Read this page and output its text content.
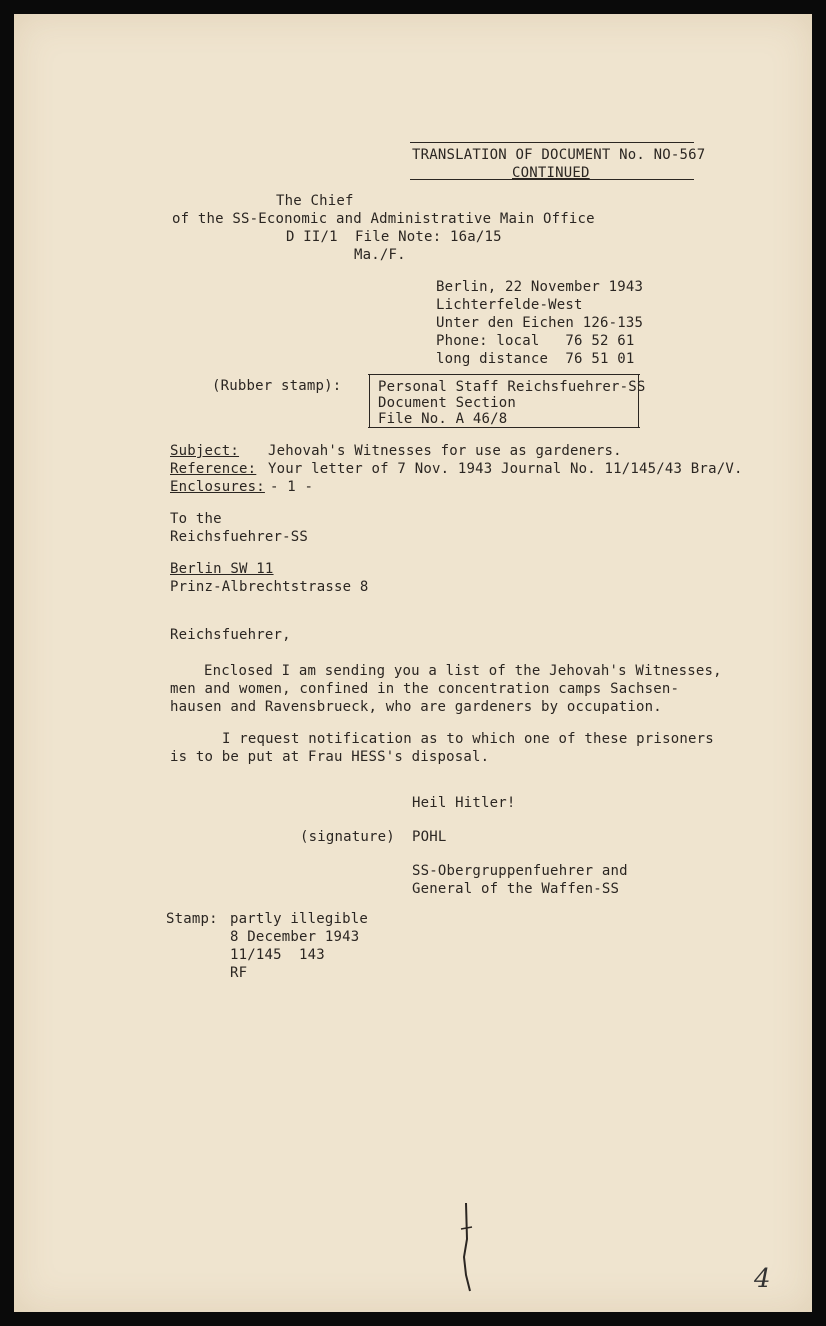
TRANSLATION OF DOCUMENT No. NO-567
CONTINUED
The Chief
of the SS-Economic and Administrative Main Office
D II/1  File Note: 16a/15
Ma./F.
Berlin, 22 November 1943
Lichterfelde-West
Unter den Eichen 126-135
Phone: local   76 52 61
long distance  76 51 01
(Rubber stamp):	Personal Staff Reichsfuehrer-SS
Document Section
File No. A 46/8
Subject: Jehovah's Witnesses for use as gardeners.
Reference: Your letter of 7 Nov. 1943 Journal No. 11/145/43 Bra/V.
Enclosures: - 1 -
To the
Reichsfuehrer-SS
Berlin SW 11
Prinz-Albrechtstrasse 8
Reichsfuehrer,
Enclosed I am sending you a list of the Jehovah's Witnesses,
men and women, confined in the concentration camps Sachsen-
hausen and Ravensbrueck, who are gardeners by occupation.
I request notification as to which one of these prisoners
is to be put at Frau HESS's disposal.
Heil Hitler!
(signature) POHL
SS-Obergruppenfuehrer and
General of the Waffen-SS
Stamp: partly illegible
8 December 1943
11/145  143
RF
4
